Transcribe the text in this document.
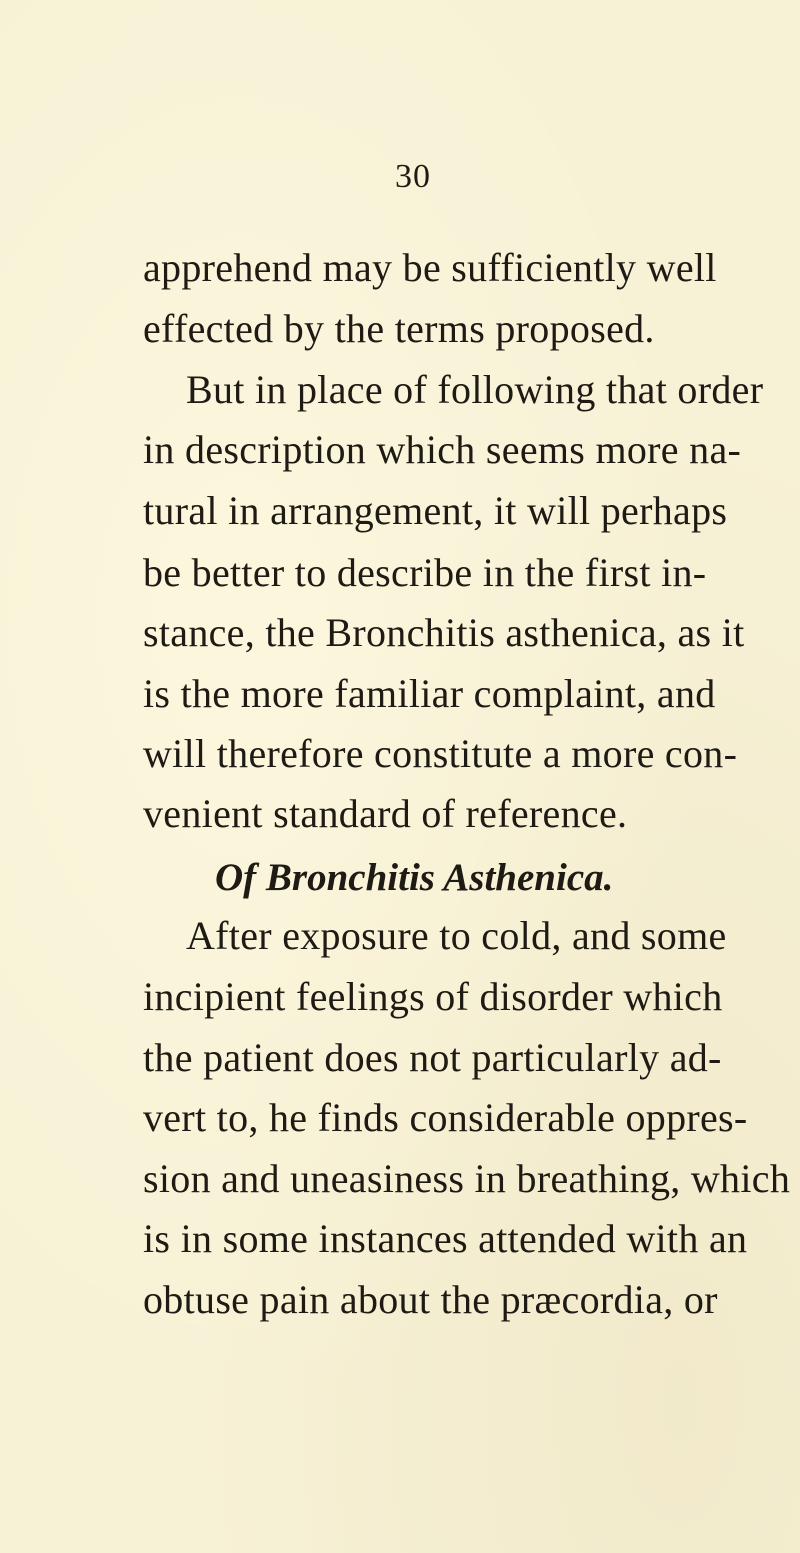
30
apprehend may be sufficiently well
effected by the terms proposed.
But in place of following that order
in description which seems more na-
tural in arrangement, it will perhaps
be better to describe in the first in-
stance, the Bronchitis asthenica, as it
is the more familiar complaint, and
will therefore constitute a more con-
venient standard of reference.
Of Bronchitis Asthenica.
After exposure to cold, and some
incipient feelings of disorder which
the patient does not particularly ad-
vert to, he finds considerable oppres-
sion and uneasiness in breathing, which
is in some instances attended with an
obtuse pain about the præcordia, or
